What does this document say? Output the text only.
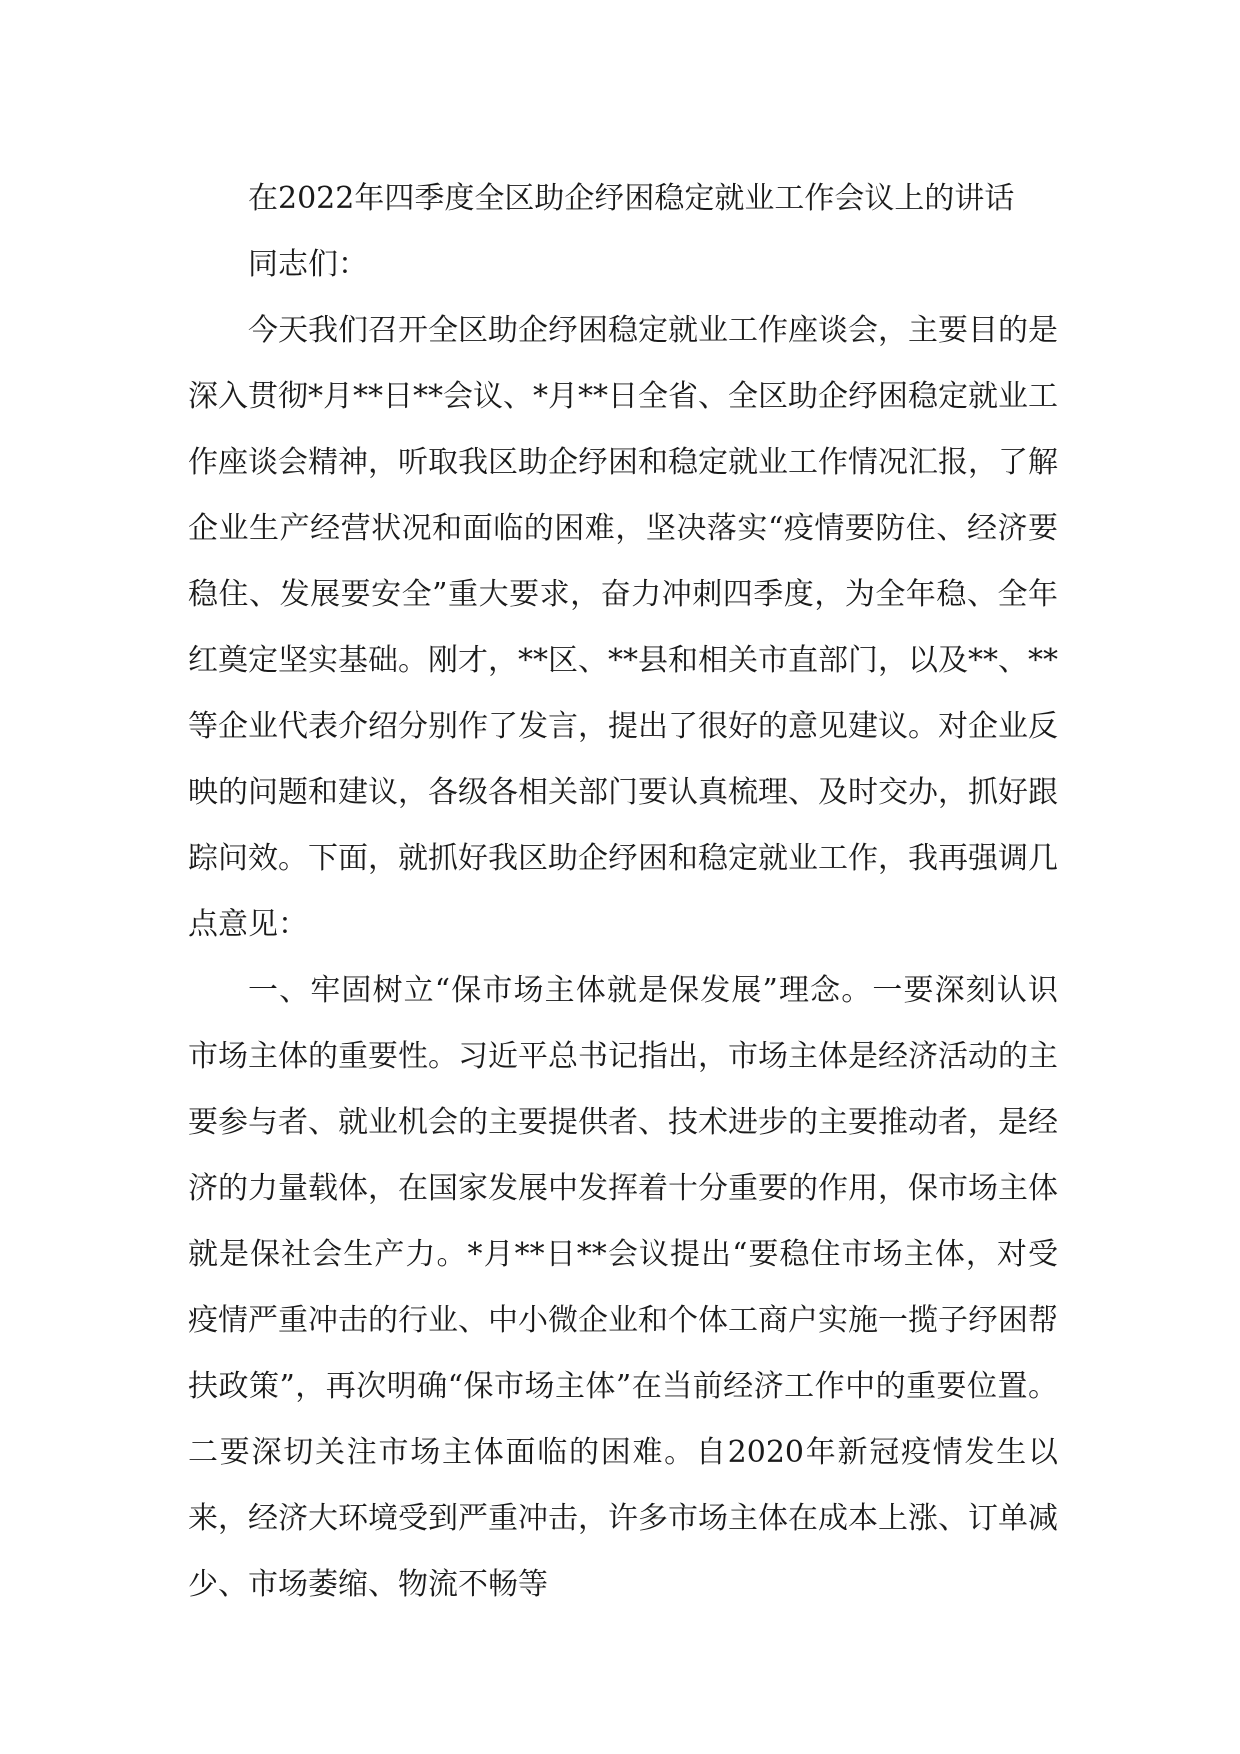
在2022年四季度全区助企纾困稳定就业工作会议上的讲话

同志们：

今天我们召开全区助企纾困稳定就业工作座谈会，主要目的是深入贯彻*月**日**会议、*月**日全省、全区助企纾困稳定就业工作座谈会精神，听取我区助企纾困和稳定就业工作情况汇报，了解企业生产经营状况和面临的困难，坚决落实“疫情要防住、经济要稳住、发展要安全”重大要求，奋力冲刺四季度，为全年稳、全年红奠定坚实基础。刚才，**区、**县和相关市直部门，以及**、**等企业代表介绍分别作了发言，提出了很好的意见建议。对企业反映的问题和建议，各级各相关部门要认真梳理、及时交办，抓好跟踪问效。下面，就抓好我区助企纾困和稳定就业工作，我再强调几点意见：

一、牢固树立“保市场主体就是保发展”理念。一要深刻认识市场主体的重要性。习近平总书记指出，市场主体是经济活动的主要参与者、就业机会的主要提供者、技术进步的主要推动者，是经济的力量载体，在国家发展中发挥着十分重要的作用，保市场主体就是保社会生产力。*月**日**会议提出“要稳住市场主体，对受疫情严重冲击的行业、中小微企业和个体工商户实施一揽子纾困帮扶政策”，再次明确“保市场主体”在当前经济工作中的重要位置。二要深切关注市场主体面临的困难。自2020年新冠疫情发生以来，经济大环境受到严重冲击，许多市场主体在成本上涨、订单减少、市场萎缩、物流不畅等
